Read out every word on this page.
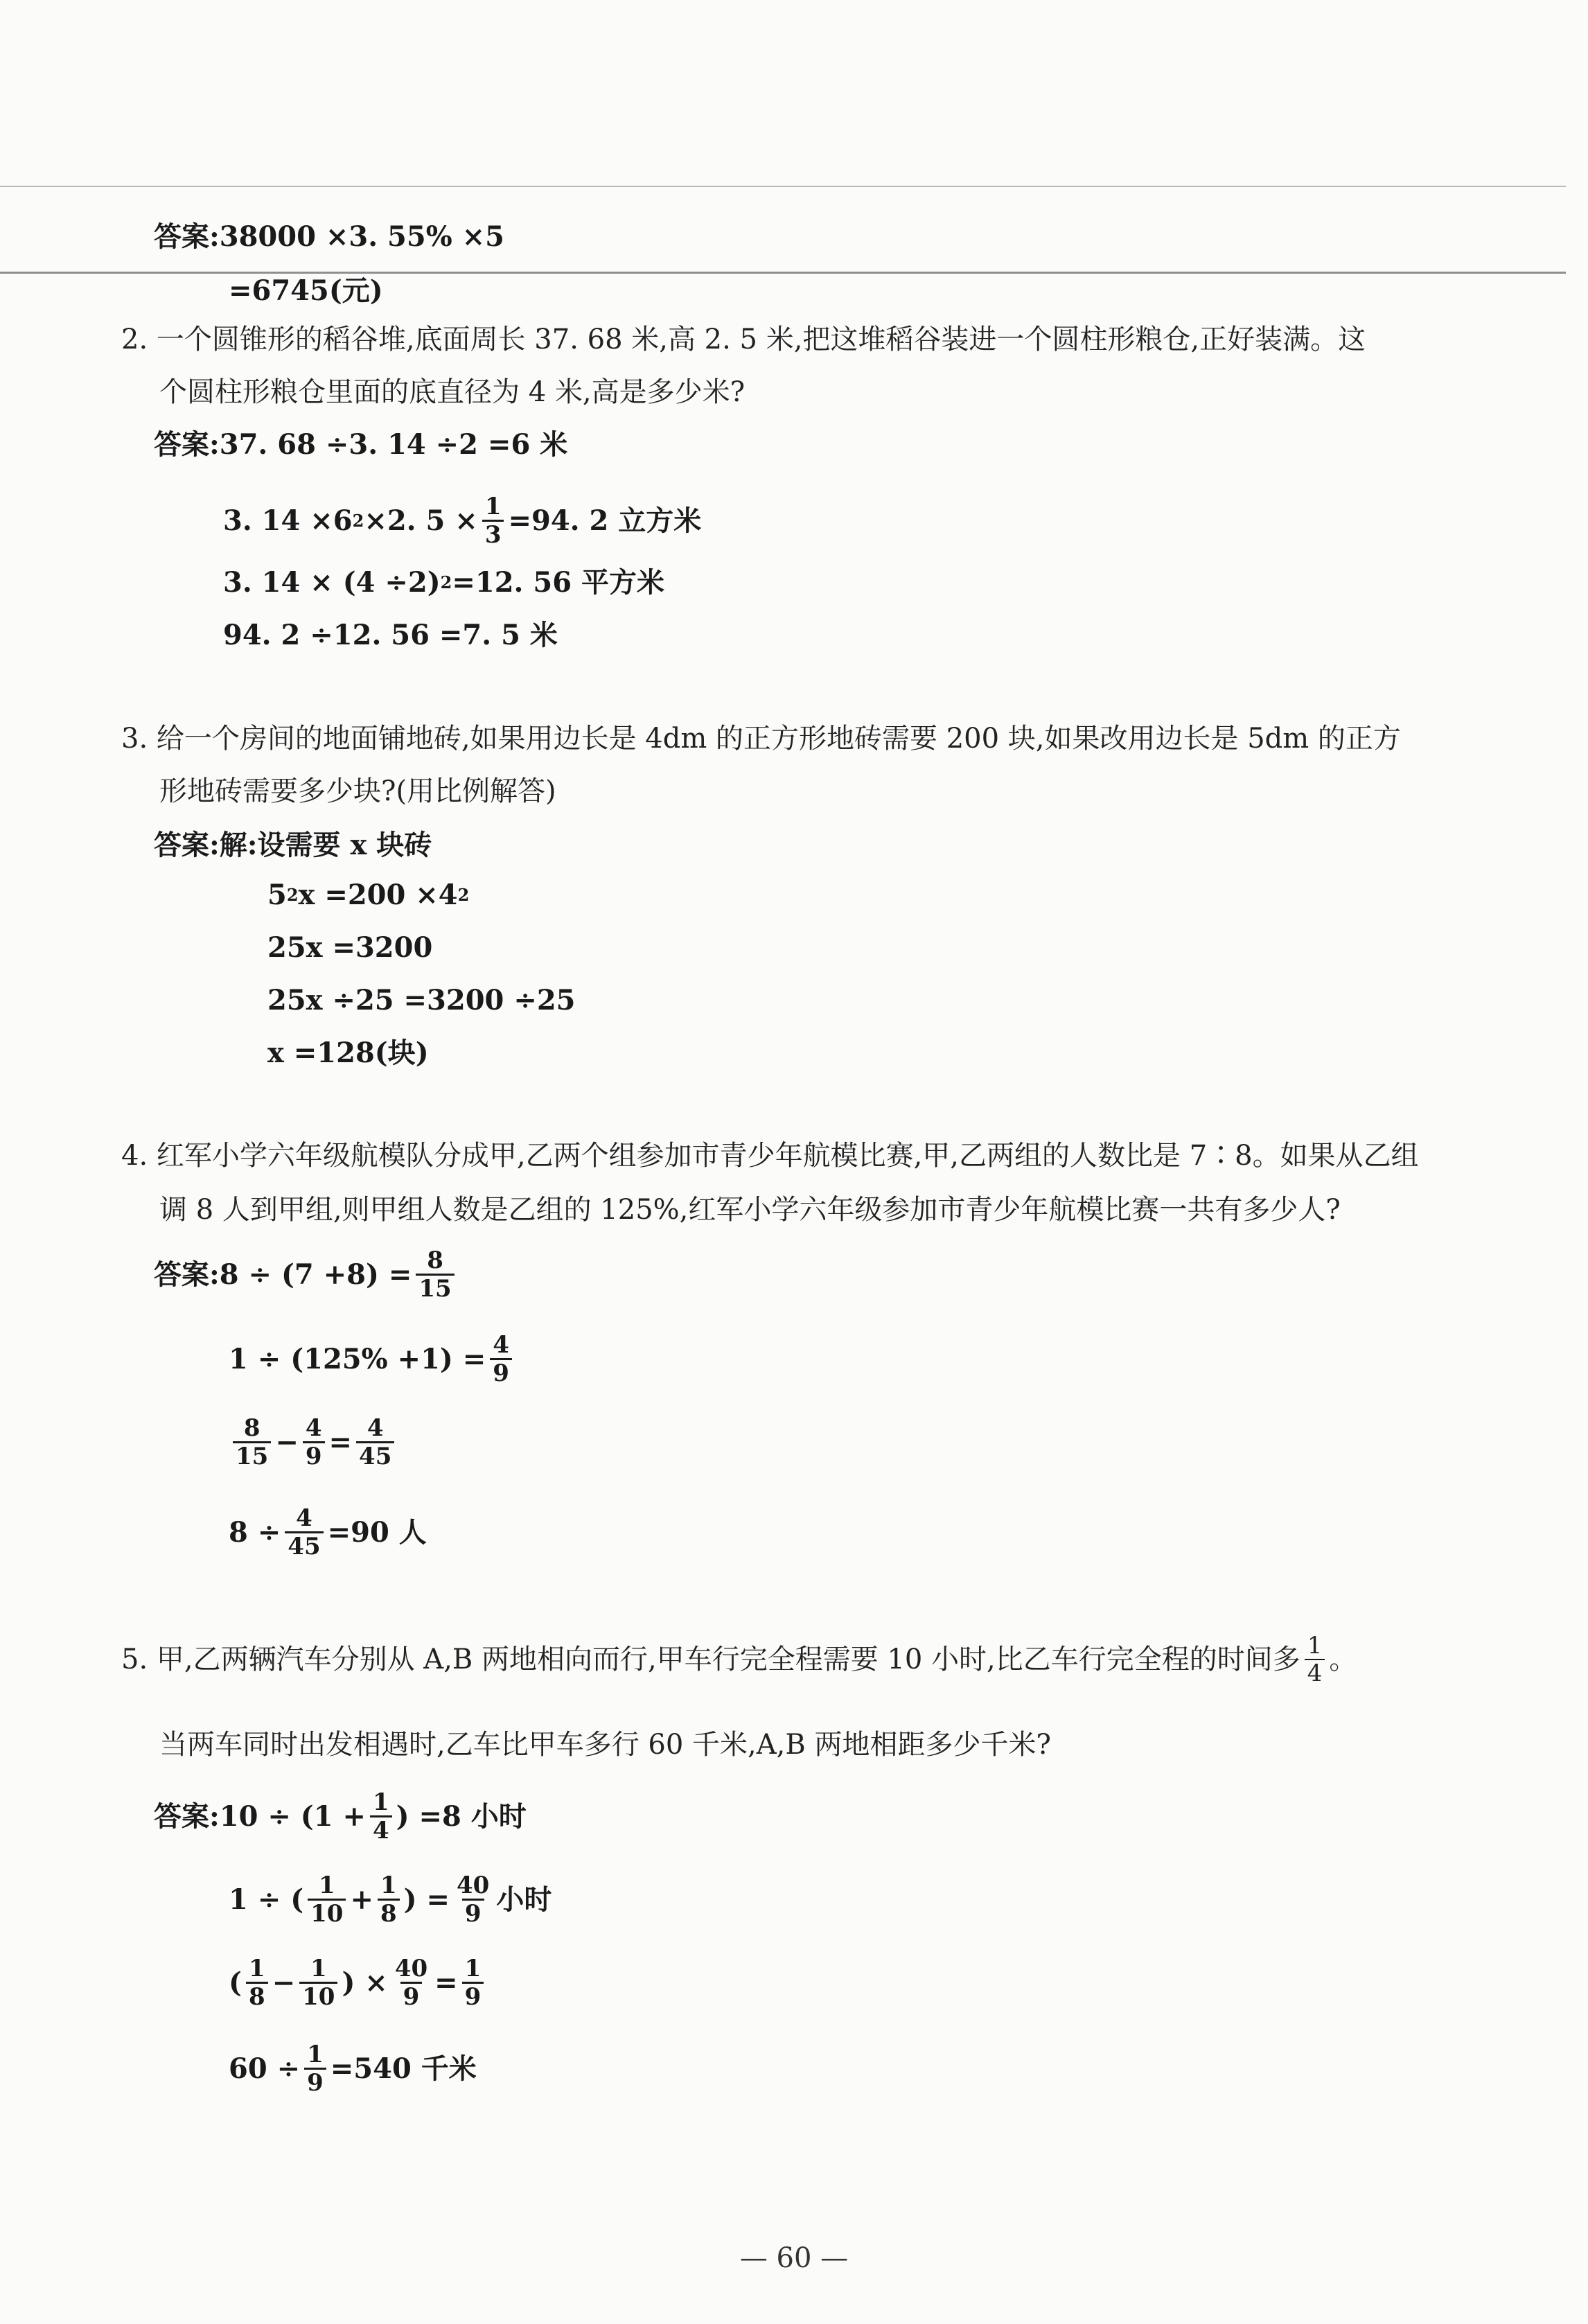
答案:38000 ×3. 55% ×5
=6745(元)
2. 一个圆锥形的稻谷堆,底面周长 37. 68 米,高 2. 5 米,把这堆稻谷装进一个圆柱形粮仓,正好装满。这
个圆柱形粮仓里面的底直径为 4 米,高是多少米?
答案:37. 68 ÷3. 14 ÷2 =6 米
3. 14 ×6 2 ×2. $5 \times \frac{1}{3} =94$. 2 立方米
3. 14 × (4 ÷2) 2 =12. 56 平方米
94. 2 ÷12. 56 =7. 5 米
3. 给一个房间的地面铺地砖,如果用边长是 4dm 的正方形地砖需要 200 块,如果改用边长是 5dm 的正方
形地砖需要多少块?(用比例解答)
答案:解:设需要 x 块砖
5 2 x =200 ×4 2
25x =3200
25x ÷25 =3200 ÷25
x =128(块)
4. 红军小学六年级航模队分成甲,乙两个组参加市青少年航模比赛,甲,乙两组的人数比是 7∶8。如果从乙组
调 8 人到甲组,则甲组人数是乙组的 125%,红军小学六年级参加市青少年航模比赛一共有多少人?
答案: $8 \div (7 +8) = \frac{8}{15}$
$1 \div (125\% +1) = \frac{4}{9}$
8
$15 - \frac{4}{9} = \frac{4}{45}$
$8 \div \frac{4}{45} =90$ 人
5. 甲,乙两辆汽车分别从 A,B 两地相向而行,甲车行完全程需要 10 小时,比乙车行完全程的时间多 1
4 。
当两车同时出发相遇时,乙车比甲车多行 60 千米,A,B 两地相距多少千米?
答案: $10 \div (1 + \frac{1}{4}$ ) =8 小时
1 ÷ ( 1
$10 + \frac{1}{8}$ ) = $\frac{40}{9}$ 小时
( 1
$8 - \frac{1}{10}$ ) × $\frac{40}{9} = \frac{1}{9}$
$60 \div \frac{1}{9} =540$ 千米
— 60 —
